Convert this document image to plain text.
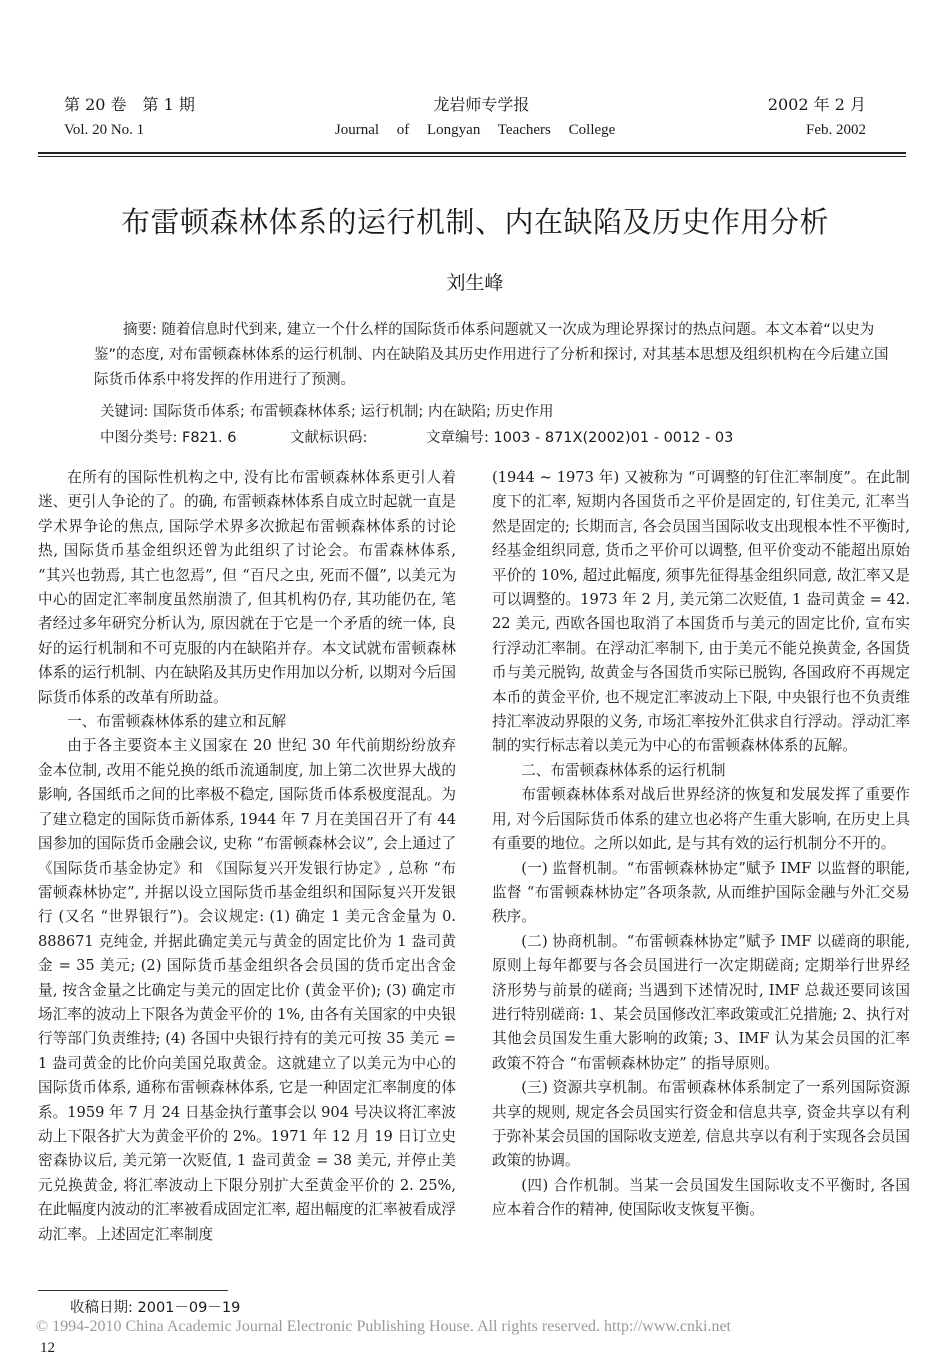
第 20 卷　第 1 期	龙岩师专学报	2002 年 2 月
Vol. 20 No. 1	Journal of Longyan Teachers College	Feb. 2002
布雷顿森林体系的运行机制、内在缺陷及历史作用分析
刘生峰

摘要: 随着信息时代到来, 建立一个什么样的国际货币体系问题就又一次成为理论界探讨的热点问题。本文本着“以史为鉴”的态度, 对布雷顿森林体系的运行机制、内在缺陷及其历史作用进行了分析和探讨, 对其基本思想及组织机构在今后建立国际货币体系中将发挥的作用进行了预测。

关键词: 国际货币体系; 布雷顿森林体系; 运行机制; 内在缺陷; 历史作用
中图分类号: F821. 6	文献标识码:	文章编号: 1003 - 871X(2002)01 - 0012 - 03

在所有的国际性机构之中, 没有比布雷顿森林体系更引人着迷、更引人争论的了。的确, 布雷顿森林体系自成立时起就一直是学术界争论的焦点, 国际学术界多次掀起布雷顿森林体系的讨论热, 国际货币基金组织还曾为此组织了讨论会。布雷森林体系, “其兴也勃焉, 其亡也忽焉”, 但 “百尺之虫, 死而不僵”, 以美元为中心的固定汇率制度虽然崩溃了, 但其机构仍存, 其功能仍在, 笔者经过多年研究分析认为, 原因就在于它是一个矛盾的统一体, 良好的运行机制和不可克服的内在缺陷并存。本文试就布雷顿森林体系的运行机制、内在缺陷及其历史作用加以分析, 以期对今后国际货币体系的改革有所助益。

一、布雷顿森林体系的建立和瓦解

由于各主要资本主义国家在 20 世纪 30 年代前期纷纷放弃金本位制, 改用不能兑换的纸币流通制度, 加上第二次世界大战的影响, 各国纸币之间的比率极不稳定, 国际货币体系极度混乱。为了建立稳定的国际货币新体系, 1944 年 7 月在美国召开了有 44 国参加的国际货币金融会议, 史称 “布雷顿森林会议”, 会上通过了 《国际货币基金协定》和 《国际复兴开发银行协定》, 总称 “布雷顿森林协定”, 并据以设立国际货币基金组织和国际复兴开发银行 (又名 “世界银行”)。会议规定: (1) 确定 1 美元含金量为 0. 888671 克纯金, 并据此确定美元与黄金的固定比价为 1 盎司黄金 = 35 美元; (2) 国际货币基金组织各会员国的货币定出含金量, 按含金量之比确定与美元的固定比价 (黄金平价); (3) 确定市场汇率的波动上下限各为黄金平价的 1%, 由各有关国家的中央银行等部门负责维持; (4) 各国中央银行持有的美元可按 35 美元 = 1 盎司黄金的比价向美国兑取黄金。这就建立了以美元为中心的国际货币体系, 通称布雷顿森林体系, 它是一种固定汇率制度的体系。1959 年 7 月 24 日基金执行董事会以 904 号决议将汇率波动上下限各扩大为黄金平价的 2%。1971 年 12 月 19 日订立史密森协议后, 美元第一次贬值, 1 盎司黄金 = 38 美元, 并停止美元兑换黄金, 将汇率波动上下限分别扩大至黄金平价的 2. 25%, 在此幅度内波动的汇率被看成固定汇率, 超出幅度的汇率被看成浮动汇率。上述固定汇率制度

(1944 ~ 1973 年) 又被称为 “可调整的钉住汇率制度”。在此制度下的汇率, 短期内各国货币之平价是固定的, 钉住美元, 汇率当然是固定的; 长期而言, 各会员国当国际收支出现根本性不平衡时, 经基金组织同意, 货币之平价可以调整, 但平价变动不能超出原始平价的 10%, 超过此幅度, 须事先征得基金组织同意, 故汇率又是可以调整的。1973 年 2 月, 美元第二次贬值, 1 盎司黄金 = 42. 22 美元, 西欧各国也取消了本国货币与美元的固定比价, 宣布实行浮动汇率制。在浮动汇率制下, 由于美元不能兑换黄金, 各国货币与美元脱钩, 故黄金与各国货币实际已脱钩, 各国政府不再规定本币的黄金平价, 也不规定汇率波动上下限, 中央银行也不负责维持汇率波动界限的义务, 市场汇率按外汇供求自行浮动。浮动汇率制的实行标志着以美元为中心的布雷顿森林体系的瓦解。

二、布雷顿森林体系的运行机制

布雷顿森林体系对战后世界经济的恢复和发展发挥了重要作用, 对今后国际货币体系的建立也必将产生重大影响, 在历史上具有重要的地位。之所以如此, 是与其有效的运行机制分不开的。

(一) 监督机制。“布雷顿森林协定”赋予 IMF 以监督的职能, 监督 “布雷顿森林协定”各项条款, 从而维护国际金融与外汇交易秩序。

(二) 协商机制。“布雷顿森林协定”赋予 IMF 以磋商的职能, 原则上每年都要与各会员国进行一次定期磋商; 定期举行世界经济形势与前景的磋商; 当遇到下述情况时, IMF 总裁还要同该国进行特别磋商: 1、某会员国修改汇率政策或汇兑措施; 2、执行对其他会员国发生重大影响的政策; 3、IMF 认为某会员国的汇率政策不符合 “布雷顿森林协定” 的指导原则。

(三) 资源共享机制。布雷顿森林体系制定了一系列国际资源共享的规则, 规定各会员国实行资金和信息共享, 资金共享以有利于弥补某会员国的国际收支逆差, 信息共享以有利于实现各会员国政策的协调。

(四) 合作机制。当某一会员国发生国际收支不平衡时, 各国应本着合作的精神, 使国际收支恢复平衡。

收稿日期: 2001－09－19
© 1994-2010 China Academic Journal Electronic Publishing House. All rights reserved. http://www.cnki.net
12
